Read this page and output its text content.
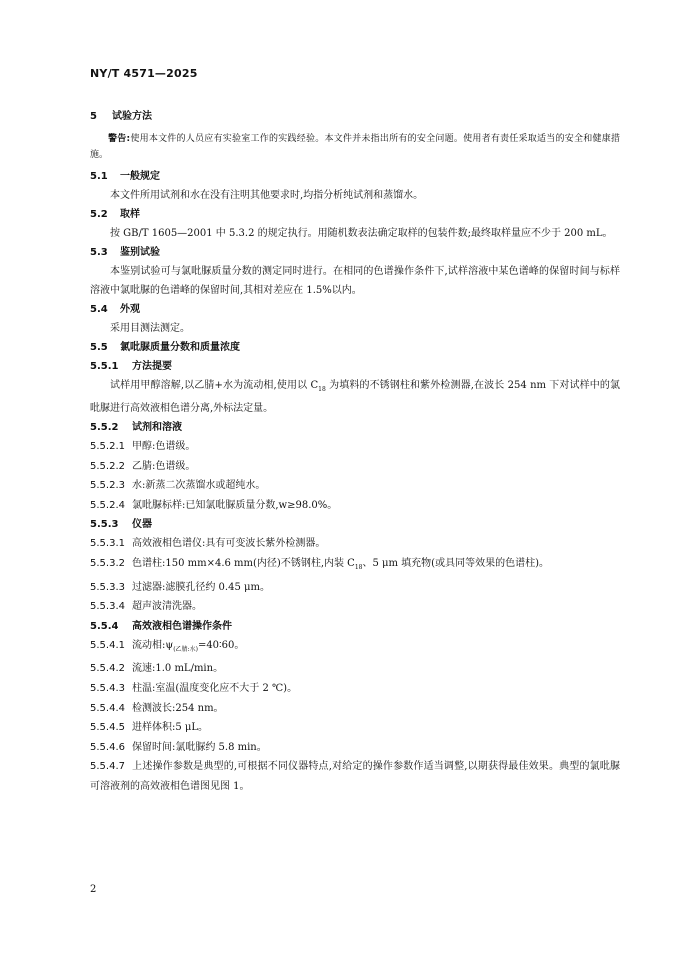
NY/T 4571—2025
5 试验方法
警告:使用本文件的人员应有实验室工作的实践经验。本文件并未指出所有的安全问题。使用者有责任采取适当的安全和健康措施。
5.1 一般规定
本文件所用试剂和水在没有注明其他要求时,均指分析纯试剂和蒸馏水。
5.2 取样
按 GB/T 1605—2001 中 5.3.2 的规定执行。用随机数表法确定取样的包装件数;最终取样量应不少于 200 mL。
5.3 鉴别试验
本鉴别试验可与氯吡脲质量分数的测定同时进行。在相同的色谱操作条件下,试样溶液中某色谱峰的保留时间与标样溶液中氯吡脲的色谱峰的保留时间,其相对差应在 1.5%以内。
5.4 外观
采用目测法测定。
5.5 氯吡脲质量分数和质量浓度
5.5.1 方法提要
试样用甲醇溶解,以乙腈+水为流动相,使用以 $C_{18}$ 为填料的不锈钢柱和紫外检测器,在波长 254 nm 下对试样中的氯吡脲进行高效液相色谱分离,外标法定量。
5.5.2 试剂和溶液
5.5.2.1 甲醇:色谱级。
5.5.2.2 乙腈:色谱级。
5.5.2.3 水:新蒸二次蒸馏水或超纯水。
5.5.2.4 氯吡脲标样:已知氯吡脲质量分数,w≥98.0%。
5.5.3 仪器
5.5.3.1 高效液相色谱仪:具有可变波长紫外检测器。
5.5.3.2 色谱柱:150 mm×4.6 mm(内径)不锈钢柱,内装 $C_{18}$、5 μm 填充物(或具同等效果的色谱柱)。
5.5.3.3 过滤器:滤膜孔径约 0.45 μm。
5.5.3.4 超声波清洗器。
5.5.4 高效液相色谱操作条件
5.5.4.1 流动相$:\psi_{(乙腈:水)}=40∶60$。
5.5.4.2 流速:1.0 mL/min。
5.5.4.3 柱温:室温(温度变化应不大于 2 ℃)。
5.5.4.4 检测波长:254 nm。
5.5.4.5 进样体积:5 μL。
5.5.4.6 保留时间:氯吡脲约 5.8 min。
5.5.4.7 上述操作参数是典型的,可根据不同仪器特点,对给定的操作参数作适当调整,以期获得最佳效果。典型的氯吡脲可溶液剂的高效液相色谱图见图 1。
2
